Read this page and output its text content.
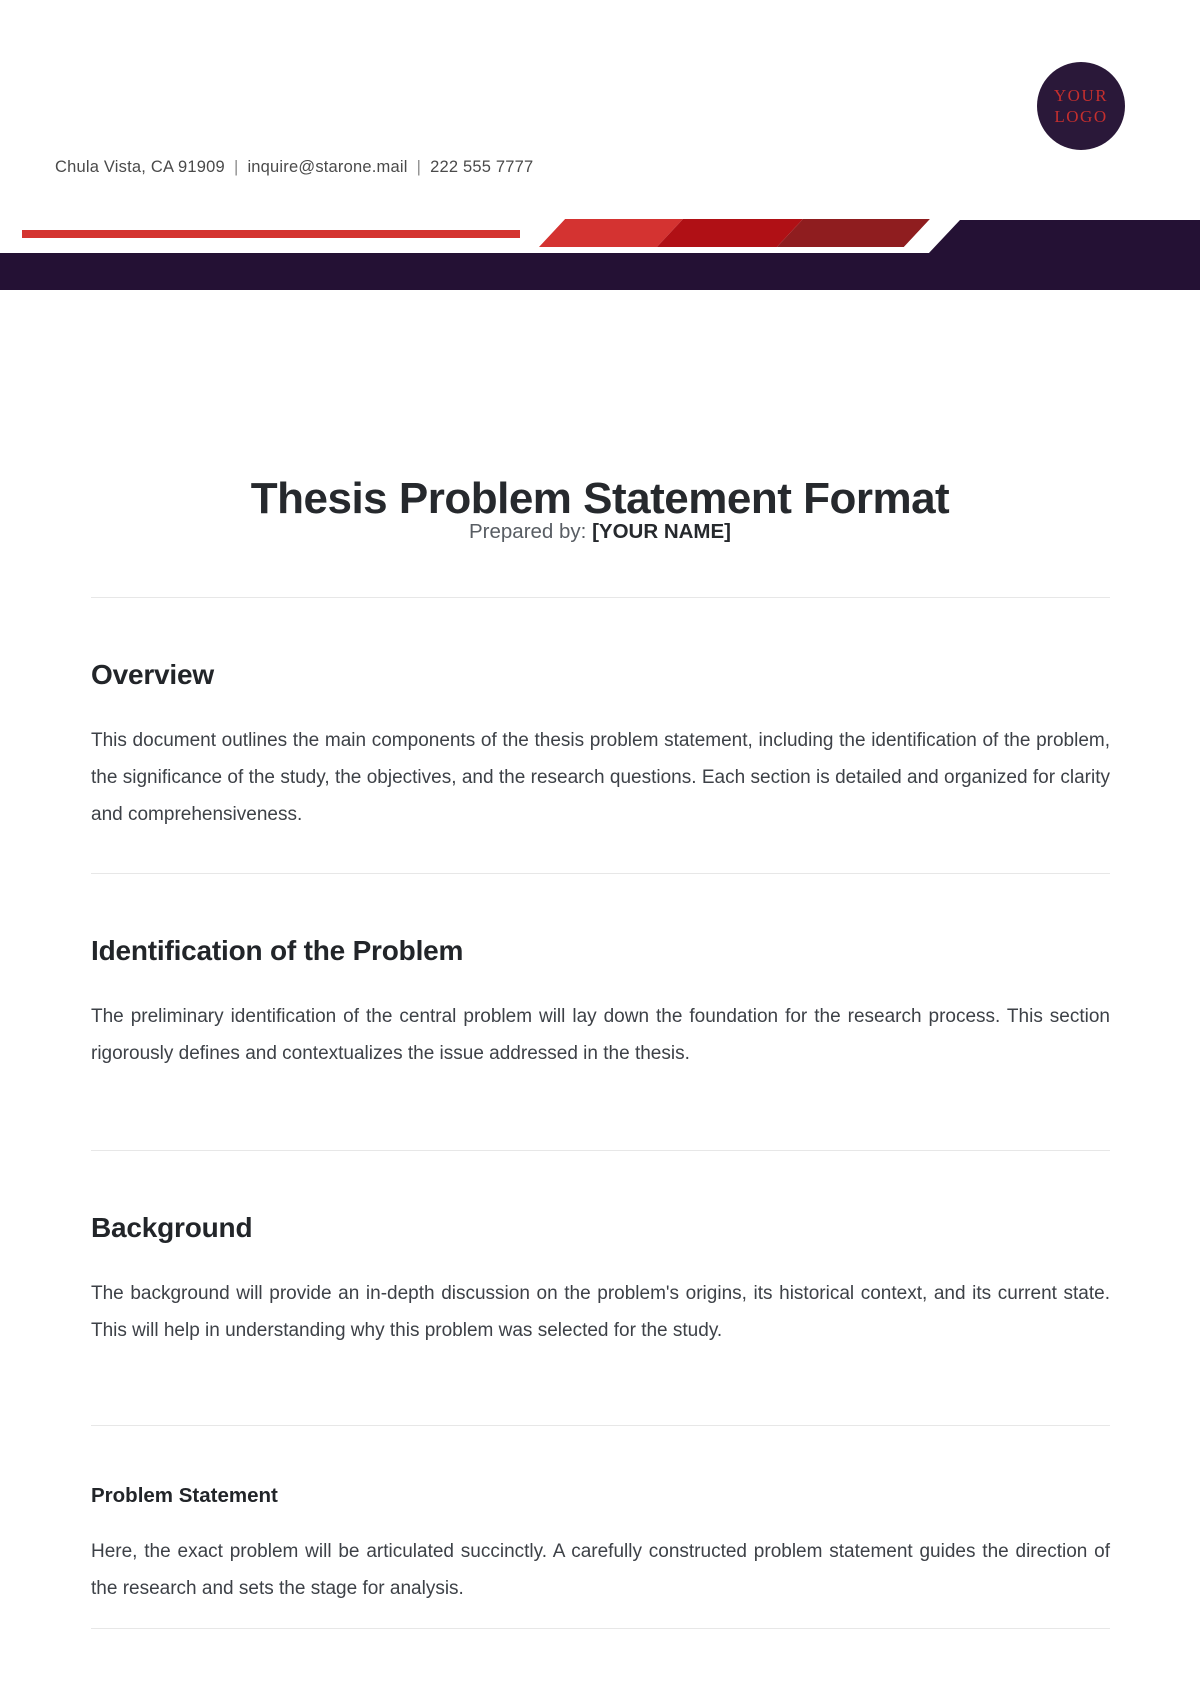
YOUR
LOGO
Chula Vista, CA 91909 | inquire@starone.mail | 222 555 7777
Thesis Problem Statement Format
Prepared by: [YOUR NAME]
Overview

This document outlines the main components of the thesis problem statement, including the identification of the problem, the significance of the study, the objectives, and the research questions. Each section is detailed and organized for clarity and comprehensiveness.

Identification of the Problem

The preliminary identification of the central problem will lay down the foundation for the research process. This section rigorously defines and contextualizes the issue addressed in the thesis.

Background

The background will provide an in-depth discussion on the problem's origins, its historical context, and its current state. This will help in understanding why this problem was selected for the study.

Problem Statement

Here, the exact problem will be articulated succinctly. A carefully constructed problem statement guides the direction of the research and sets the stage for analysis.
